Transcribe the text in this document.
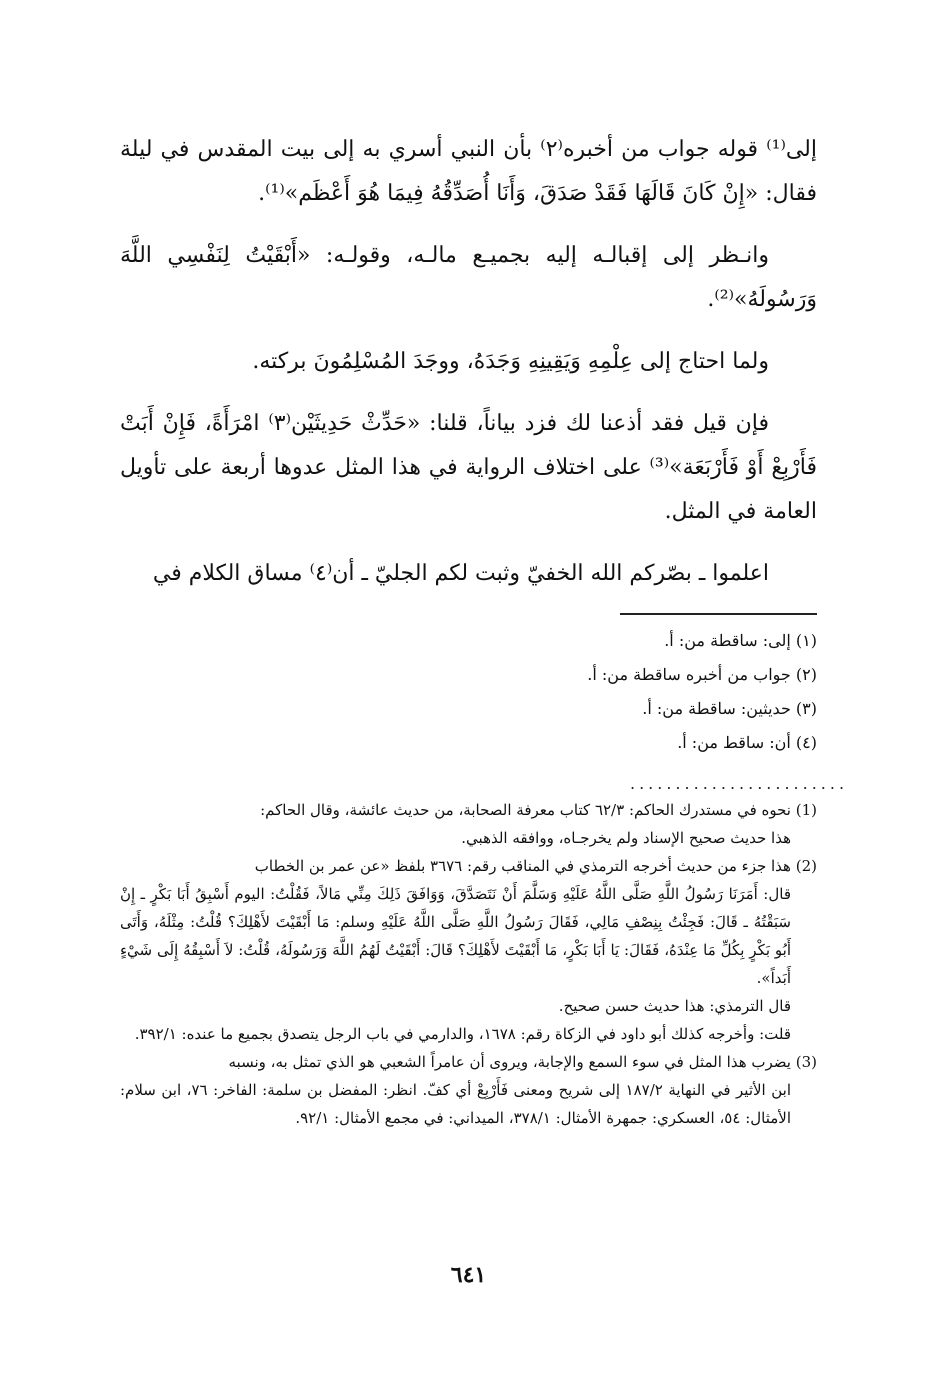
إلى⁽¹⁾ قوله جواب من أخبره⁽٢⁾ بأن النبي أسري به إلى بيت المقدس في ليلة فقال: «إِنْ كَانَ قَالَهَا فَقَدْ صَدَقَ، وَأَنَا أُصَدِّقُهُ فِيمَا هُوَ أَعْظَم»⁽¹⁾.

وانـظر إلى إقبالـه إليه بجميـع مالـه، وقولـه: «أَبْقَيْتُ لِنَفْسِي اللَّهَ وَرَسُولَهُ»⁽²⁾.

ولما احتاج إلى عِلْمِهِ وَيَقِينِهِ وَجَدَهُ، ووجَدَ المُسْلِمُونَ بركته.

فإن قيل فقد أذعنا لك فزد بياناً، قلنا: «حَدِّثْ حَدِيثَيْن⁽٣⁾ امْرَأَةً، فَإِنْ أَبَتْ فَأَرْبِعْ أَوْ فَأَرْبَعَة»⁽³⁾ على اختلاف الرواية في هذا المثل عدوها أربعة على تأويل العامة في المثل.

اعلموا ـ بصّركم الله الخفيّ وثبت لكم الجليّ ـ أن⁽٤⁾ مساق الكلام في

(١) إلى: ساقطة من: أ.
(٢) جواب من أخبره ساقطة من: أ.
(٣) حديثين: ساقطة من: أ.
(٤) أن: ساقط من: أ.
........................
(1) نحوه في مستدرك الحاكم: ٦٢/٣ كتاب معرفة الصحابة، من حديث عائشة، وقال الحاكم:
هذا حديث صحيح الإسناد ولم يخرجـاه، ووافقه الذهبي.
(2) هذا جزء من حديث أخرجه الترمذي في المناقب رقم: ٣٦٧٦ بلفظ «عن عمر بن الخطاب
قال: أَمَرَنَا رَسُولُ اللَّهِ صَلَّى اللَّهُ عَلَيْهِ وَسَلَّمَ أَنْ نَتَصَدَّقَ، وَوَافَقَ ذَلِكَ مِنِّي مَالاً، فَقُلْتُ: اليوم أَسْبِقُ أَبَا بَكْرٍ ـ إِنْ سَبَقْتُهُ ـ قَالَ: فَجِئْتُ بِنِصْفِ مَالِي، فَقَالَ رَسُولُ اللَّهِ صَلَّى اللَّهُ عَلَيْهِ وسلم: مَا أَبْقَيْتَ لأَهْلِكَ؟ قُلْتُ: مِثْلَهُ، وَأَتَى أَبُو بَكْرٍ بِكُلِّ مَا عِنْدَهُ، فَقَالَ: يَا أَبَا بَكْرٍ، مَا أَبْقَيْتَ لأَهْلِكَ؟ قَالَ: أَبْقَيْتُ لَهُمُ اللَّهَ وَرَسُولَهُ، قُلْتُ: لاَ أَسْبِقُهُ إِلَى شَيْءٍ أَبَداً».
قال الترمذي: هذا حديث حسن صحيح.
قلت: وأخرجه كذلك أبو داود في الزكاة رقم: ١٦٧٨، والدارمي في باب الرجل يتصدق بجميع ما عنده: ٣٩٢/١.
(3) يضرب هذا المثل في سوء السمع والإجابة، ويروى أن عامراً الشعبي هو الذي تمثل به، ونسبه
ابن الأثير في النهاية ١٨٧/٢ إلى شريح ومعنى فَأَرْبِعْ أي كفّ. انظر: المفضل بن سلمة: الفاخر: ٧٦، ابن سلام: الأمثال: ٥٤، العسكري: جمهرة الأمثال: ٣٧٨/١، الميداني: في مجمع الأمثال: ٩٢/١.
٦٤١
